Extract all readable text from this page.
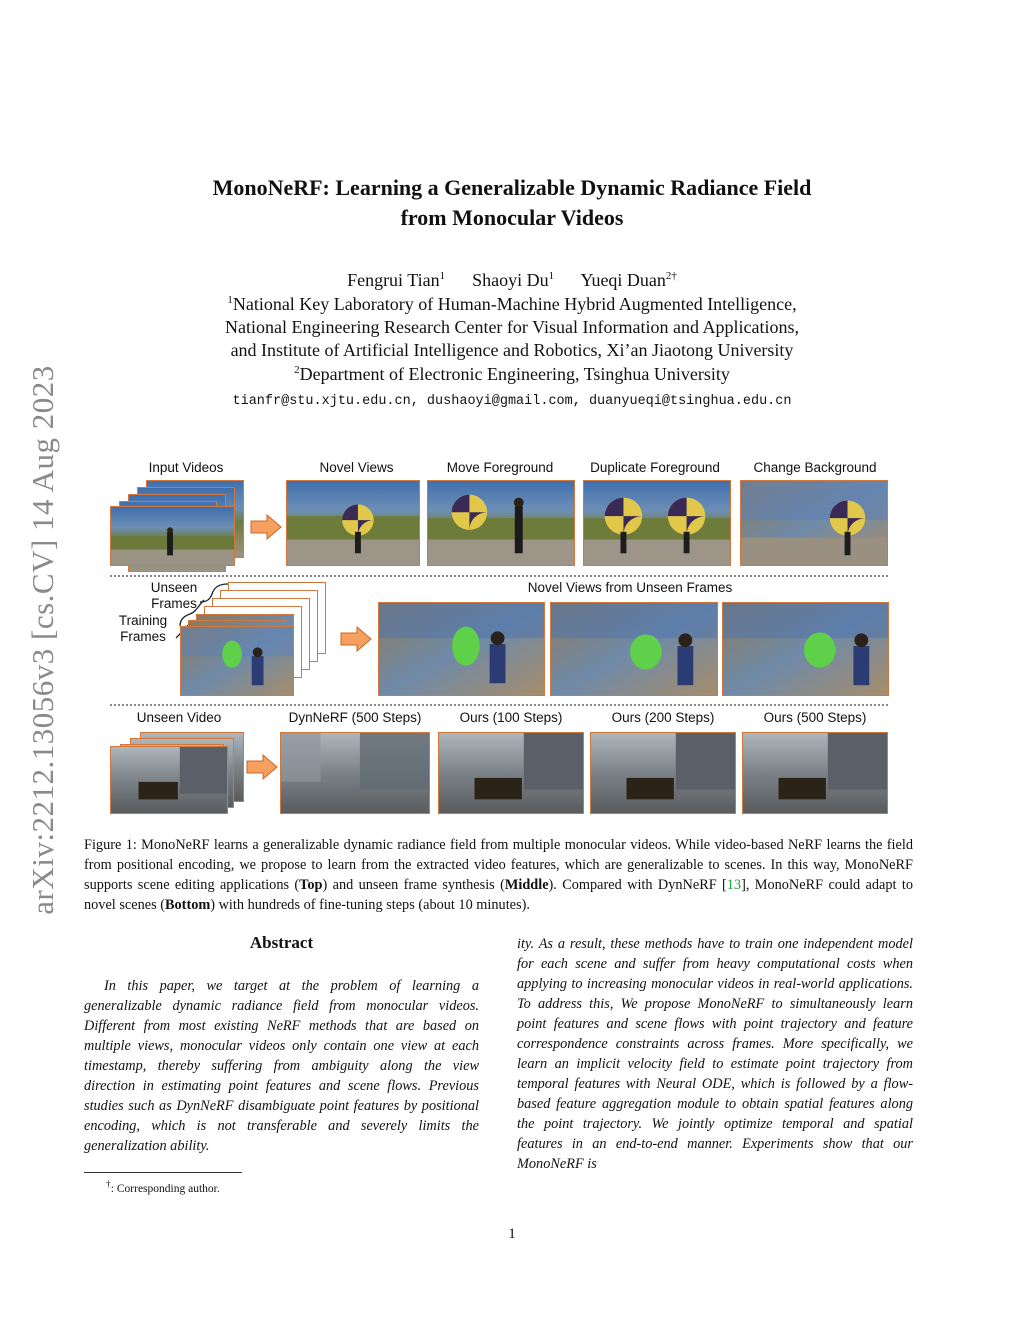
arXiv:2212.13056v3 [cs.CV] 14 Aug 2023
MonoNeRF: Learning a Generalizable Dynamic Radiance Field
from Monocular Videos
Fengrui Tian$^1$ Shaoyi Du$^1$ Yueqi Duan$^{2\dagger}$
$^1$National Key Laboratory of Human-Machine Hybrid Augmented Intelligence,
National Engineering Research Center for Visual Information and Applications,
and Institute of Artificial Intelligence and Robotics, Xi’an Jiaotong University
$^2$Department of Electronic Engineering, Tsinghua University
tianfr@stu.xjtu.edu.cn, dushaoyi@gmail.com, duanyueqi@tsinghua.edu.cn
Input Videos	Novel Views	Move Foreground	Duplicate Foreground	Change Background
Unseen
Frames
Training
Frames
Novel Views from Unseen Frames
Unseen Video	DynNeRF (500 Steps)	Ours (100 Steps)	Ours (200 Steps)	Ours (500 Steps)
Figure 1: MonoNeRF learns a generalizable dynamic radiance field from multiple monocular videos. While video-based NeRF learns the field from positional encoding, we propose to learn from the extracted video features, which are generalizable to scenes. In this way, MonoNeRF supports scene editing applications (Top) and unseen frame synthesis (Middle). Compared with DynNeRF [13], MonoNeRF could adapt to novel scenes (Bottom) with hundreds of fine-tuning steps (about 10 minutes).
Abstract

In this paper, we target at the problem of learning a generalizable dynamic radiance field from monocular videos. Different from most existing NeRF methods that are based on multiple views, monocular videos only contain one view at each timestamp, thereby suffering from ambiguity along the view direction in estimating point features and scene flows. Previous studies such as DynNeRF disambiguate point features by positional encoding, which is not transferable and severely limits the generalization ability.

ity. As a result, these methods have to train one independent model for each scene and suffer from heavy computational costs when applying to increasing monocular videos in real-world applications. To address this, We propose MonoNeRF to simultaneously learn point features and scene flows with point trajectory and feature correspondence constraints across frames. More specifically, we learn an implicit velocity field to estimate point trajectory from temporal features with Neural ODE, which is followed by a flow-based feature aggregation module to obtain spatial features along the point trajectory. We jointly optimize temporal and spatial features in an end-to-end manner. Experiments show that our MonoNeRF is

†: Corresponding author.
1
